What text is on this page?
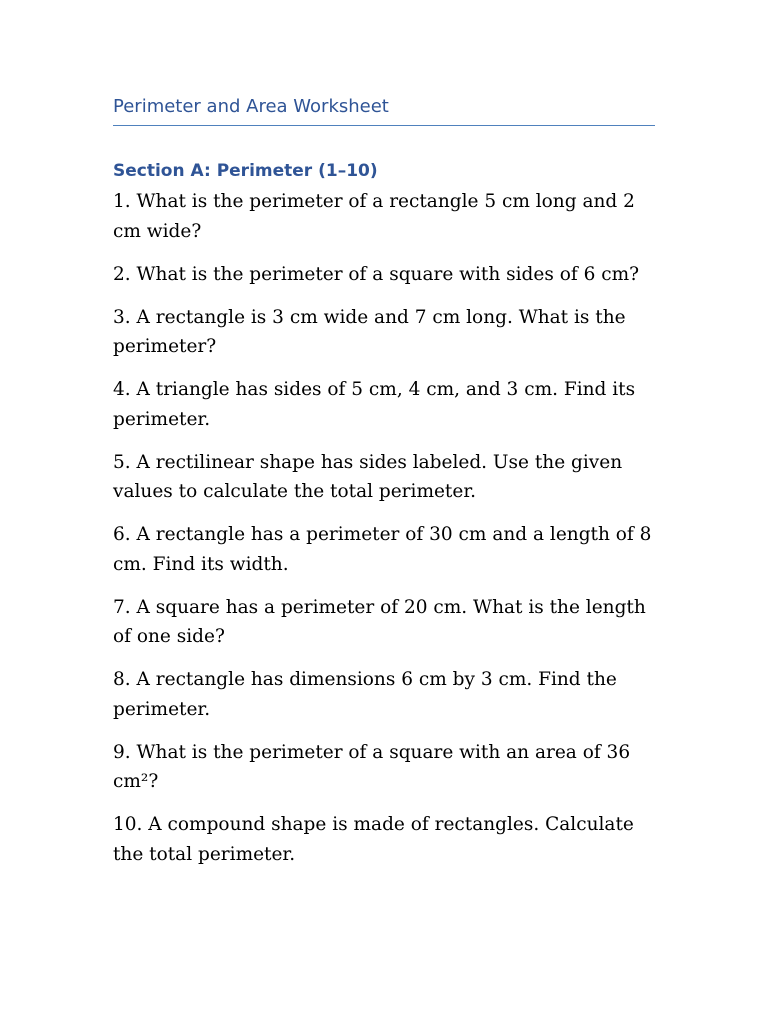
Perimeter and Area Worksheet
Section A: Perimeter (1–10)
1. What is the perimeter of a rectangle 5 cm long and 2 cm wide?
2. What is the perimeter of a square with sides of 6 cm?
3. A rectangle is 3 cm wide and 7 cm long. What is the perimeter?
4. A triangle has sides of 5 cm, 4 cm, and 3 cm. Find its perimeter.
5. A rectilinear shape has sides labeled. Use the given values to calculate the total perimeter.
6. A rectangle has a perimeter of 30 cm and a length of 8 cm. Find its width.
7. A square has a perimeter of 20 cm. What is the length of one side?
8. A rectangle has dimensions 6 cm by 3 cm. Find the perimeter.
9. What is the perimeter of a square with an area of 36 cm²?
10. A compound shape is made of rectangles. Calculate the total perimeter.
